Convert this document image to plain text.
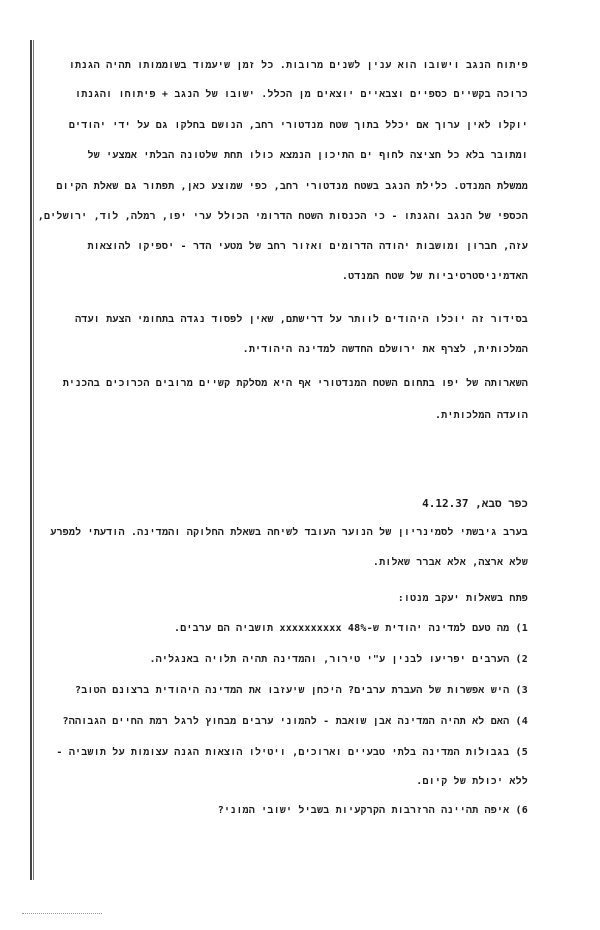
פיתוח הנגב וישובו הוא ענין לשנים מרובות. כל זמן שיעמוד בשוממותו תהיה הגנתו
כרוכה בקשיים כספיים וצבאיים יוצאים מן הכלל. ישובו של הנגב + פיתוחו והגנתו
יוקלו לאין ערוך אם יכלל בתוך שטח מנדטורי רחב, הנושם בחלקו גם על ידי יהודים
ומתובר בלא כל חציצה לחוף ים התיכון הנמצא כולו תחת שלטונה הבלתי אמצעי של
ממשלת המנדט. כלילת הנגב בשטח מנדטורי רחב, כפי שמוצע כאן, תפתור גם שאלת הקיום
הכספי של הנגב והגנתו - כי הכנסות השטח הדרומי הכולל ערי יפו, רמלה, לוד, ירושלים,
עזה, חברון ומושבות יהודה הדרומים ואזור רחב של מטעי הדר - יספיקו להוצאות
האדמיניסטרטיביות של שטח המנדט.
בסידור זה יוכלו היהודים לוותר על דרישתם, שאין לפסוד נגדה בתחומי הצעת ועדה
המלכותית, לצרף את ירושלם החדשה למדינה היהודית.
השארותה של יפו בתחום השטח המנדטורי אף היא מסלקת קשיים מרובים הכרוכים בהכנית
הועדה המלכותית.
כפר סבא, 4.12.37
בערב גיבשתי לסמינריון של הנוער העובד לשיחה בשאלת החלוקה והמדינה. הודעתי למפרע
שלא ארצה, אלא אברר שאלות.
פתח בשאלות יעקב מנטו:
1) מה טעם למדינה יהודית ש-48% xxxxxxxxxx תושביה הם ערבים.
2) הערבים יפריעו לבנין ע"י טירור, והמדינה תהיה תלויה באנגליה.
3) היש אפשרות של העברת ערבים? היכחן שיעזבו את המדינה היהודית ברצונם הטוב?
4) האם לא תהיה המדינה אבן שואבת - להמוני ערבים מבחוץ לרגל רמת החיים הגבוהה?
5) בגבולות המדינה בלתי טבעיים וארוכים, ויטילו הוצאות הגנה עצומות על תושביה -
ללא יכולת של קיום.
6) איפה תהיינה הרזרבות הקרקעיות בשביל ישובי המוני?
